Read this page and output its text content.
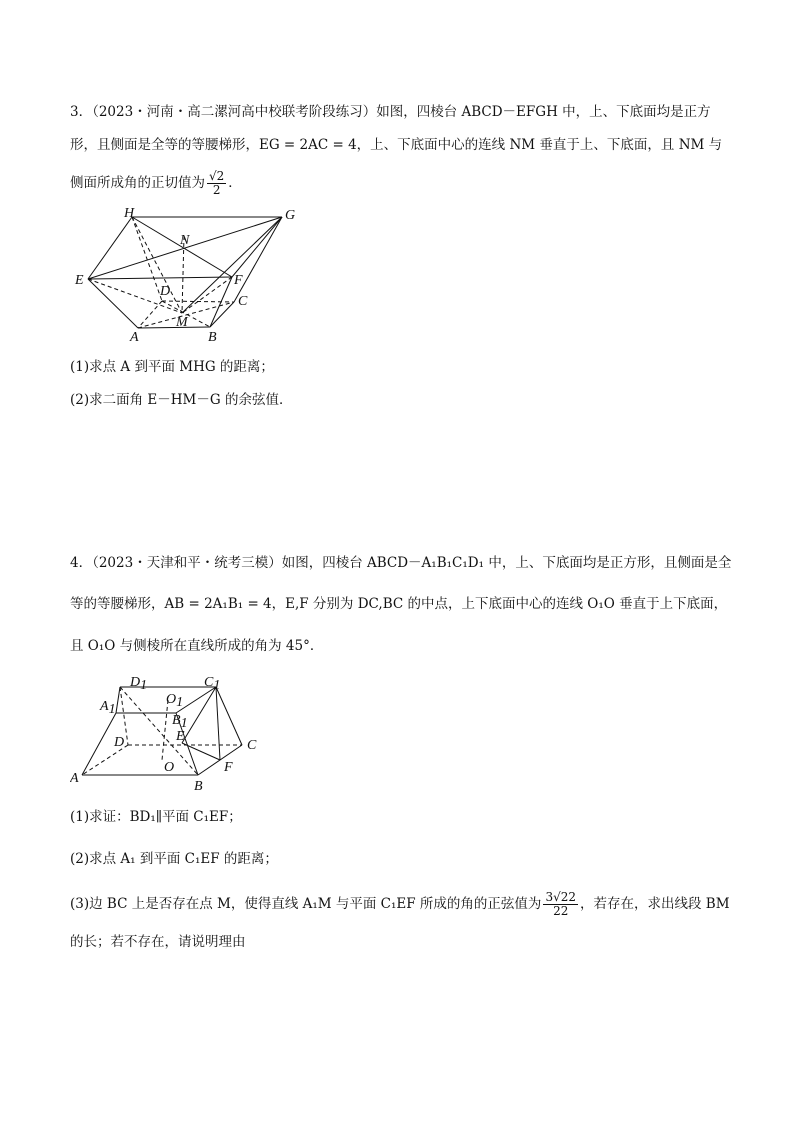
3．（2023・河南・高二漯河高中校联考阶段练习）如图，四棱台 ABCD－EFGH 中，上、下底面均是正方
形，且侧面是全等的等腰梯形，EG = 2AC = 4，上、下底面中心的连线 NM 垂直于上、下底面，且 NM 与
侧面所成角的正切值为 $\frac{√2}{2}$ ．
H	G
N
E	F
D
C
M
A	B
(1)求点 A 到平面 MHG 的距离；
(2)求二面角 E－HM－G 的余弦值．
4．（2023・天津和平・统考三模）如图，四棱台 ABCD－A₁B₁C₁D₁ 中，上、下底面均是正方形，且侧面是全
等的等腰梯形，AB = 2A₁B₁ = 4，E,F 分别为 DC,BC 的中点，上下底面中心的连线 O₁O 垂直于上下底面，
且 O₁O 与侧棱所在直线所成的角为 45°．
D1	C1
O1
A1
B1
D	E
C
O	F
A
B
(1)求证：BD₁∥平面 C₁EF；
(2)求点 A₁ 到平面 C₁EF 的距离；
(3)边 BC 上是否存在点 M，使得直线 A₁M 与平面 C₁EF 所成的角的正弦值为 $\frac{3√22}{22}$ ，若存在，求出线段 BM
的长；若不存在，请说明理由
